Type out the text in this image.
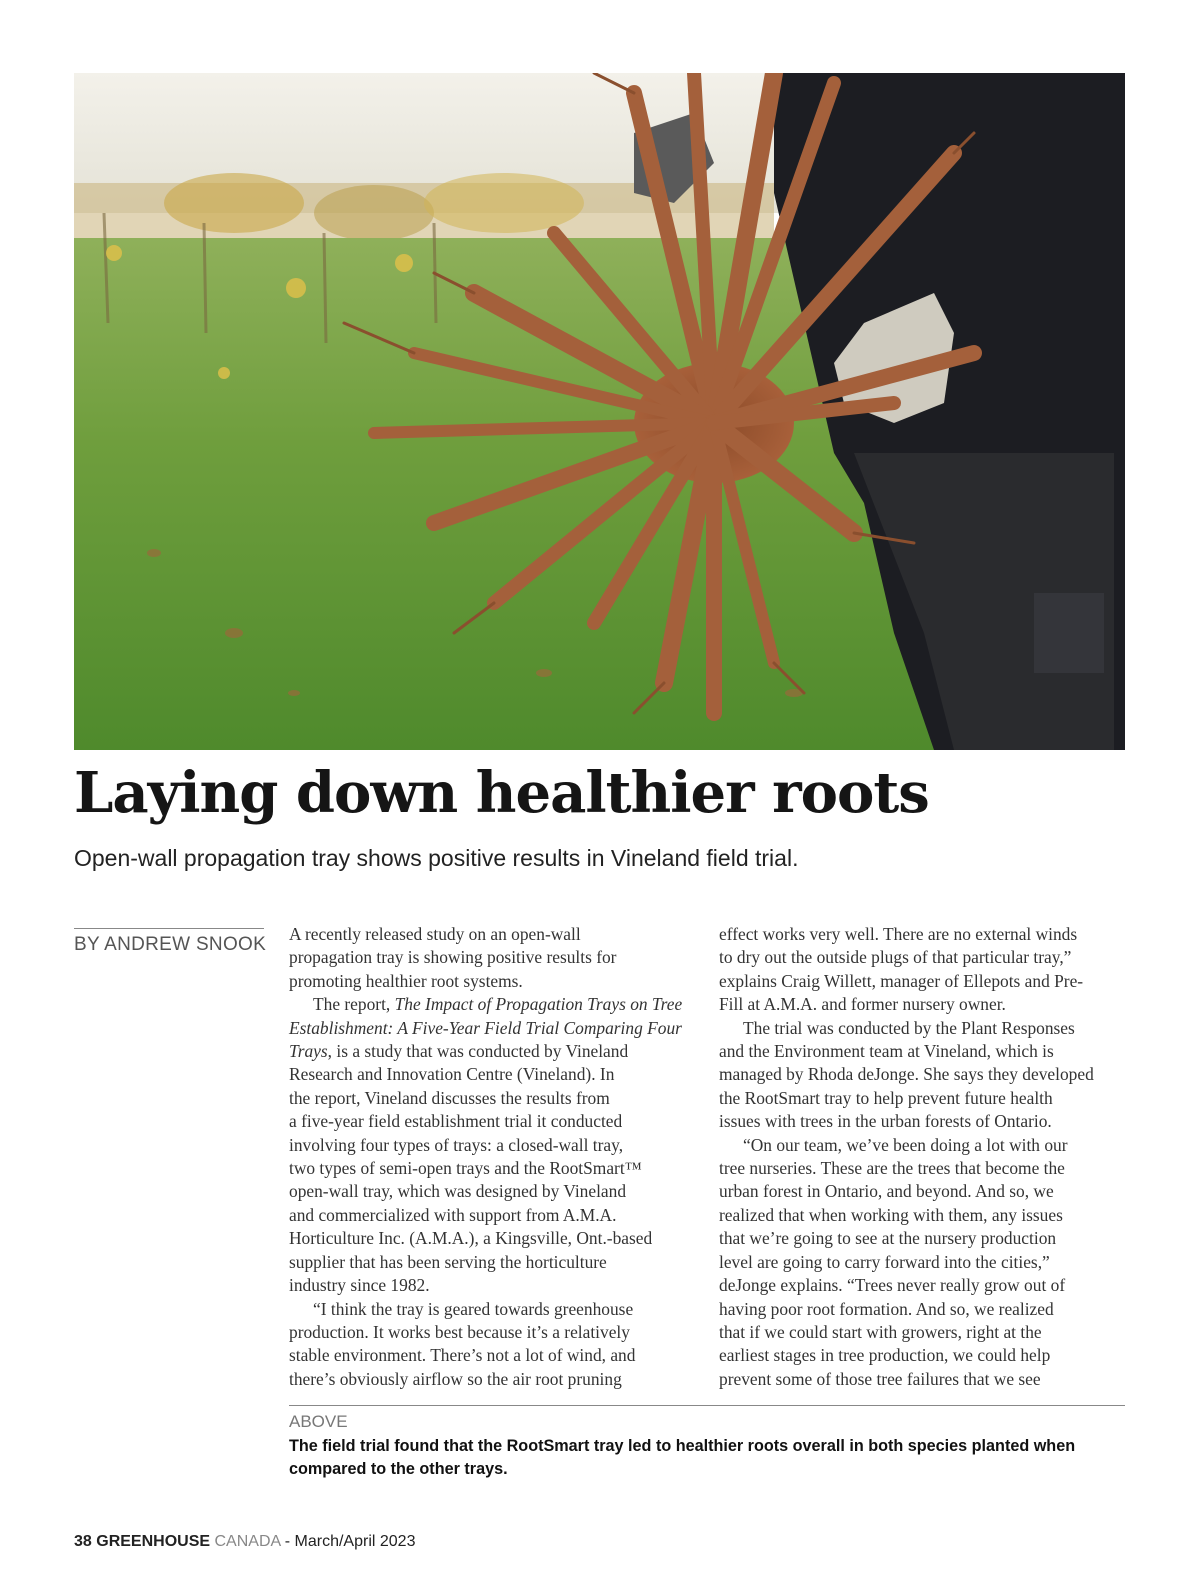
Laying down healthier roots

Open-wall propagation tray shows positive results in Vineland field trial.

BY ANDREW SNOOK A recently released study on an open-wall
propagation tray is showing positive results for
promoting healthier root systems.
The report, The Impact of Propagation Trays on Tree
Establishment: A Five-Year Field Trial Comparing Four
Trays, is a study that was conducted by Vineland
Research and Innovation Centre (Vineland). In
the report, Vineland discusses the results from
a five-year field establishment trial it conducted
involving four types of trays: a closed-wall tray,
two types of semi-open trays and the RootSmart™
open-wall tray, which was designed by Vineland
and commercialized with support from A.M.A.
Horticulture Inc. (A.M.A.), a Kingsville, Ont.-based
supplier that has been serving the horticulture
industry since 1982.
“I think the tray is geared towards greenhouse
production. It works best because it’s a relatively
stable environment. There’s not a lot of wind, and
there’s obviously airflow so the air root pruning
effect works very well. There are no external winds
to dry out the outside plugs of that particular tray,”
explains Craig Willett, manager of Ellepots and Pre-
Fill at A.M.A. and former nursery owner.
The trial was conducted by the Plant Responses
and the Environment team at Vineland, which is
managed by Rhoda deJonge. She says they developed
the RootSmart tray to help prevent future health
issues with trees in the urban forests of Ontario.
“On our team, we’ve been doing a lot with our
tree nurseries. These are the trees that become the
urban forest in Ontario, and beyond. And so, we
realized that when working with them, any issues
that we’re going to see at the nursery production
level are going to carry forward into the cities,”
deJonge explains. “Trees never really grow out of
having poor root formation. And so, we realized
that if we could start with growers, right at the
earliest stages in tree production, we could help
prevent some of those tree failures that we see

ABOVE

The field trial found that the RootSmart tray led to healthier roots overall in both species planted when compared to the other trays.

38 GREENHOUSE CANADA - March/April 2023
